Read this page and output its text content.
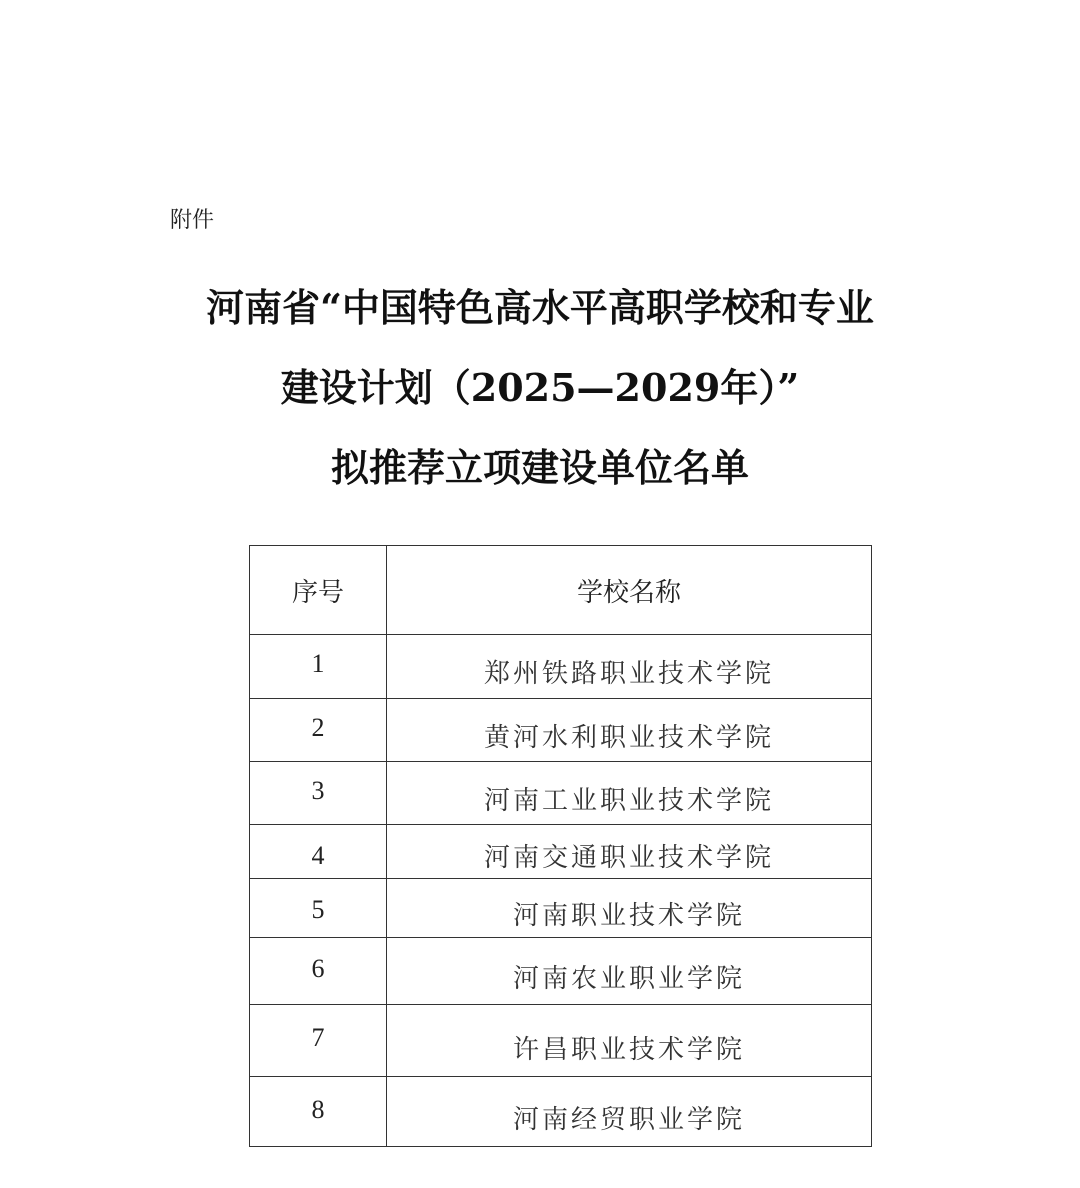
附件
河南省“中国特色高水平高职学校和专业
建设计划（2025—2029年）”
拟推荐立项建设单位名单
序号	学校名称
1	郑州铁路职业技术学院
2	黄河水利职业技术学院
3	河南工业职业技术学院
4	河南交通职业技术学院
5	河南职业技术学院
6	河南农业职业学院
7	许昌职业技术学院
8	河南经贸职业学院
